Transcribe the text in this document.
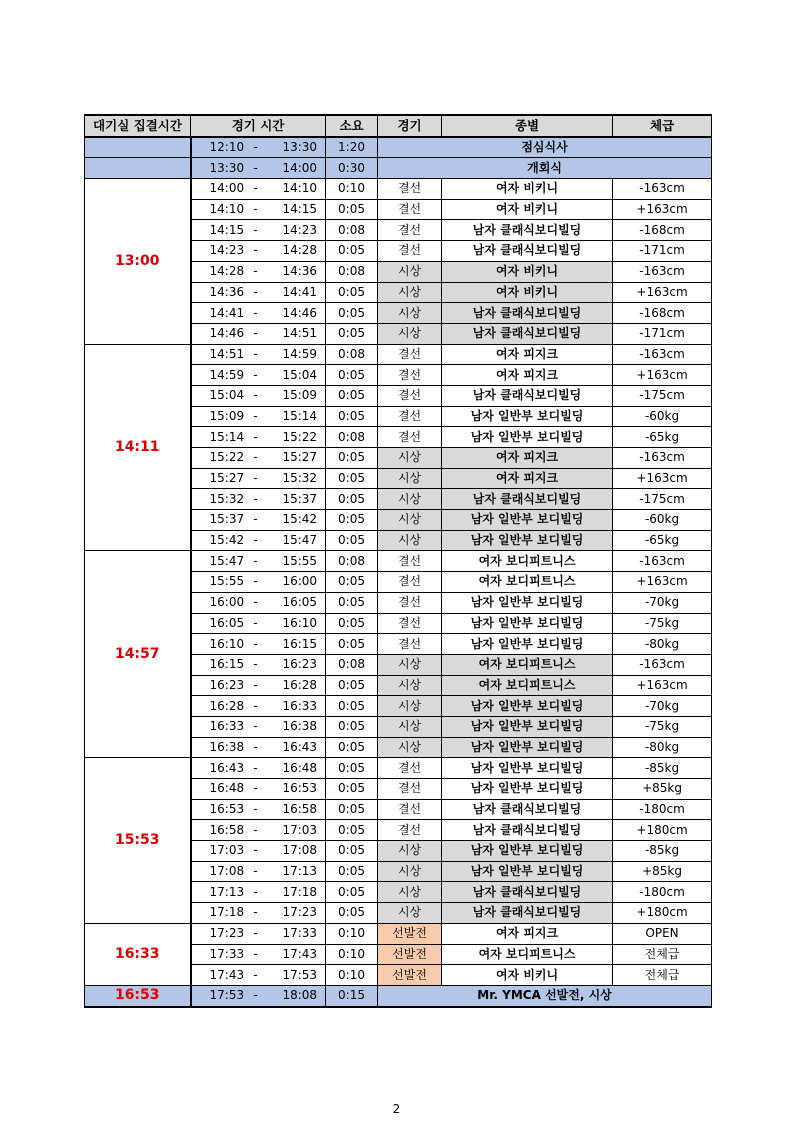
대기실 집결시간	경기 시간			소요	경기	종별	체급
	12:10	-	13:30	1:20	점심식사		
	13:30	-	14:00	0:30	개회식		
13:00	14:00	-	14:10	0:10	결선	여자 비키니	-163cm
	14:10	-	14:15	0:05	결선	여자 비키니	+163cm
	14:15	-	14:23	0:08	결선	남자 클래식보디빌딩	-168cm
	14:23	-	14:28	0:05	결선	남자 클래식보디빌딩	-171cm
	14:28	-	14:36	0:08	시상	여자 비키니	-163cm
	14:36	-	14:41	0:05	시상	여자 비키니	+163cm
	14:41	-	14:46	0:05	시상	남자 클래식보디빌딩	-168cm
	14:46	-	14:51	0:05	시상	남자 클래식보디빌딩	-171cm
14:11	14:51	-	14:59	0:08	결선	여자 피지크	-163cm
	14:59	-	15:04	0:05	결선	여자 피지크	+163cm
	15:04	-	15:09	0:05	결선	남자 클래식보디빌딩	-175cm
	15:09	-	15:14	0:05	결선	남자 일반부 보디빌딩	-60kg
	15:14	-	15:22	0:08	결선	남자 일반부 보디빌딩	-65kg
	15:22	-	15:27	0:05	시상	여자 피지크	-163cm
	15:27	-	15:32	0:05	시상	여자 피지크	+163cm
	15:32	-	15:37	0:05	시상	남자 클래식보디빌딩	-175cm
	15:37	-	15:42	0:05	시상	남자 일반부 보디빌딩	-60kg
	15:42	-	15:47	0:05	시상	남자 일반부 보디빌딩	-65kg
14:57	15:47	-	15:55	0:08	결선	여자 보디피트니스	-163cm
	15:55	-	16:00	0:05	결선	여자 보디피트니스	+163cm
	16:00	-	16:05	0:05	결선	남자 일반부 보디빌딩	-70kg
	16:05	-	16:10	0:05	결선	남자 일반부 보디빌딩	-75kg
	16:10	-	16:15	0:05	결선	남자 일반부 보디빌딩	-80kg
	16:15	-	16:23	0:08	시상	여자 보디피트니스	-163cm
	16:23	-	16:28	0:05	시상	여자 보디피트니스	+163cm
	16:28	-	16:33	0:05	시상	남자 일반부 보디빌딩	-70kg
	16:33	-	16:38	0:05	시상	남자 일반부 보디빌딩	-75kg
	16:38	-	16:43	0:05	시상	남자 일반부 보디빌딩	-80kg
15:53	16:43	-	16:48	0:05	결선	남자 일반부 보디빌딩	-85kg
	16:48	-	16:53	0:05	결선	남자 일반부 보디빌딩	+85kg
	16:53	-	16:58	0:05	결선	남자 클래식보디빌딩	-180cm
	16:58	-	17:03	0:05	결선	남자 클래식보디빌딩	+180cm
	17:03	-	17:08	0:05	시상	남자 일반부 보디빌딩	-85kg
	17:08	-	17:13	0:05	시상	남자 일반부 보디빌딩	+85kg
	17:13	-	17:18	0:05	시상	남자 클래식보디빌딩	-180cm
	17:18	-	17:23	0:05	시상	남자 클래식보디빌딩	+180cm
16:33	17:23	-	17:33	0:10	선발전	여자 피지크	OPEN
	17:33	-	17:43	0:10	선발전	여자 보디피트니스	전체급
	17:43	-	17:53	0:10	선발전	여자 비키니	전체급
16:53	17:53	-	18:08	0:15	Mr. YMCA 선발전, 시상		
2
